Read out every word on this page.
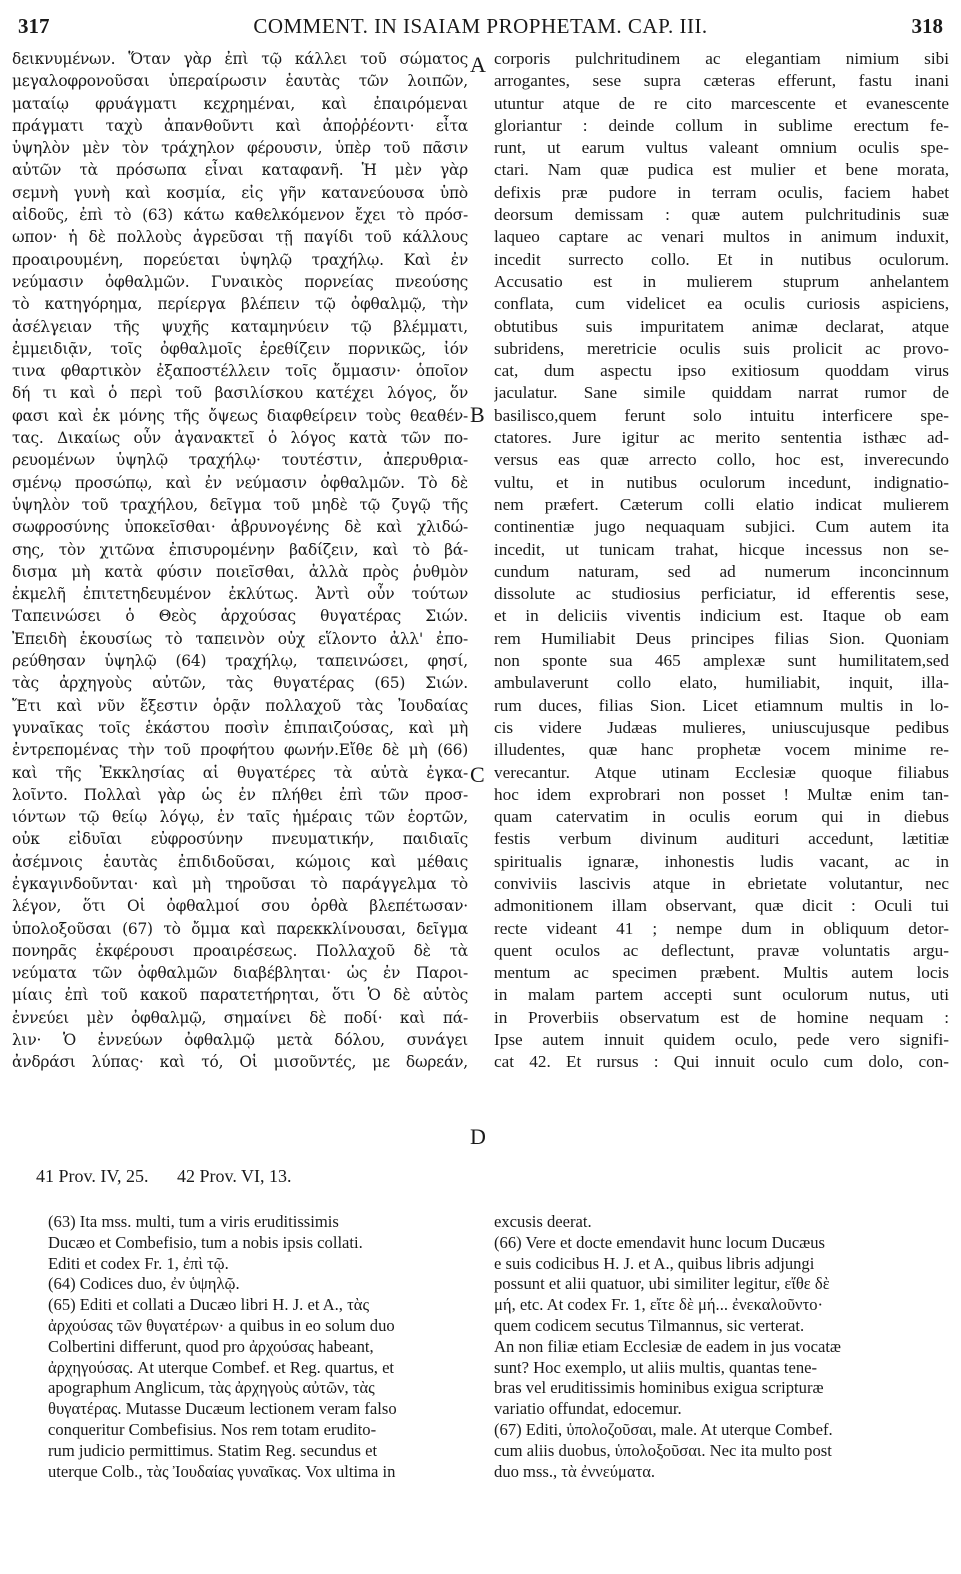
317	COMMENT. IN ISAIAM PROPHETAM. CAP. III.	318
δεικνυμένων. Ὅταν γὰρ ἐπὶ τῷ κάλλει τοῦ σώματος
μεγαλοφρονοῦσαι ὑπεραίρωσιν ἑαυτὰς τῶν λοιπῶν,
ματαίῳ φρυάγματι κεχρημέναι, καὶ ἐπαιρόμεναι
πράγματι ταχὺ ἀπανθοῦντι καὶ ἀποῤῥέοντι· εἶτα
ὑψηλὸν μὲν τὸν τράχηλον φέρουσιν, ὑπὲρ τοῦ πᾶσιν
αὐτῶν τὰ πρόσωπα εἶναι καταφανῆ. Ἡ μὲν γὰρ
σεμνὴ γυνὴ καὶ κοσμία, εἰς γῆν κατανεύουσα ὑπὸ
αἰδοῦς, ἐπὶ τὸ (63) κάτω καθελκόμενον ἔχει τὸ πρόσ-
ωπον· ἡ δὲ πολλοὺς ἀγρεῦσαι τῇ παγίδι τοῦ κάλλους
προαιρουμένη, πορεύεται ὑψηλῷ τραχήλῳ. Καὶ ἐν
νεύμασιν ὀφθαλμῶν. Γυναικὸς πορνείας πνεούσης
τὸ κατηγόρημα, περίεργα βλέπειν τῷ ὀφθαλμῷ, τὴν
ἀσέλγειαν τῆς ψυχῆς καταμηνύειν τῷ βλέμματι,
ἐμμειδιᾷν, τοῖς ὀφθαλμοῖς ἐρεθίζειν πορνικῶς, ἰόν
τινα φθαρτικὸν ἐξαποστέλλειν τοῖς ὄμμασιν· ὁποῖον
δή τι καὶ ὁ περὶ τοῦ βασιλίσκου κατέχει λόγος, ὅν
φασι καὶ ἐκ μόνης τῆς ὄψεως διαφθείρειν τοὺς θεαθέν-
τας. Δικαίως οὖν ἀγανακτεῖ ὁ λόγος κατὰ τῶν πο-
ρευομένων ὑψηλῷ τραχήλῳ· τουτέστιν, ἀπερυθρια-
σμένῳ προσώπῳ, καὶ ἐν νεύμασιν ὀφθαλμῶν. Τὸ δὲ
ὑψηλὸν τοῦ τραχήλου, δεῖγμα τοῦ μηδὲ τῷ ζυγῷ τῆς
σωφροσύνης ὑποκεῖσθαι· ἁβρυνογένης δὲ καὶ χλιδώ-
σης, τὸν χιτῶνα ἐπισυρομένην βαδίζειν, καὶ τὸ βά-
δισμα μὴ κατὰ φύσιν ποιεῖσθαι, ἀλλὰ πρὸς ῥυθμὸν
ἐκμελῆ ἐπιτετηδευμένον ἐκλύτως. Ἀντὶ οὖν τούτων
Ταπεινώσει ὁ Θεὸς ἀρχούσας θυγατέρας Σιών.
Ἐπειδὴ ἑκουσίως τὸ ταπεινὸν οὐχ εἵλοντο ἀλλ' ἐπο-
ρεύθησαν ὑψηλῷ (64) τραχήλῳ, ταπεινώσει, φησί,
τὰς ἀρχηγοὺς αὐτῶν, τὰς θυγατέρας (65) Σιών.
Ἔτι καὶ νῦν ἔξεστιν ὁρᾷν πολλαχοῦ τὰς Ἰουδαίας
γυναῖκας τοῖς ἑκάστου ποσὶν ἐπιπαιζούσας, καὶ μὴ
ἐντρεπομένας τὴν τοῦ προφήτου φωνήν.Εἴθε δὲ μὴ (66)
καὶ τῆς Ἐκκλησίας αἱ θυγατέρες τὰ αὐτὰ ἐγκα-
λοῖντο. Πολλαὶ γὰρ ὡς ἐν πλήθει ἐπὶ τῶν προσ-
ιόντων τῷ θείῳ λόγῳ, ἐν ταῖς ἡμέραις τῶν ἑορτῶν,
οὐκ εἰδυῖαι εὐφροσύνην πνευματικήν, παιδιαῖς
ἀσέμνοις ἑαυτὰς ἐπιδιδοῦσαι, κώμοις καὶ μέθαις
ἐγκαγινδοῦνται· καὶ μὴ τηροῦσαι τὸ παράγγελμα τὸ
λέγον, ὅτι Οἱ ὀφθαλμοί σου ὀρθὰ βλεπέτωσαν·
ὑπολοξοῦσαι (67) τὸ ὄμμα καὶ παρεκκλίνουσαι, δεῖγμα
πονηρᾶς ἐκφέρουσι προαιρέσεως. Πολλαχοῦ δὲ τὰ
νεύματα τῶν ὀφθαλμῶν διαβέβληται· ὡς ἐν Παροι-
μίαις ἐπὶ τοῦ κακοῦ παρατετήρηται, ὅτι Ὁ δὲ αὐτὸς
ἐννεύει μὲν ὀφθαλμῷ, σημαίνει δὲ ποδί· καὶ πά-
λιν· Ὁ ἐννεύων ὀφθαλμῷ μετὰ δόλου, συνάγει
ἀνδράσι λύπας· καὶ τό, Οἱ μισοῦντές, με δωρεάν,
corporis pulchritudinem ac elegantiam nimium sibi
arrogantes, sese supra cæteras efferunt, fastu inani
utuntur atque de re cito marcescente et evanescente
gloriantur : deinde collum in sublime erectum fe-
runt, ut earum vultus valeant omnium oculis spe-
ctari. Nam quæ pudica est mulier et bene morata,
defixis præ pudore in terram oculis, faciem habet
deorsum demissam : quæ autem pulchritudinis suæ
laqueo captare ac venari multos in animum induxit,
incedit surrecto collo. Et in nutibus oculorum.
Accusatio est in mulierem stuprum anhelantem
conflata, cum videlicet ea oculis curiosis aspiciens,
obtutibus suis impuritatem animæ declarat, atque
subridens, meretricie oculis suis prolicit ac provo-
cat, dum aspectu ipso exitiosum quoddam virus
jaculatur. Sane simile quiddam narrat rumor de
basilisco,quem ferunt solo intuitu interficere spe-
ctatores. Jure igitur ac merito sententia isthæc ad-
versus eas quæ arrecto collo, hoc est, inverecundo
vultu, et in nutibus oculorum incedunt, indignatio-
nem præfert. Cæterum colli elatio indicat mulierem
continentiæ jugo nequaquam subjici. Cum autem ita
incedit, ut tunicam trahat, hicque incessus non se-
cundum naturam, sed ad numerum inconcinnum
dissolute ac studiosius perficiatur, id efferentis sese,
et in deliciis viventis indicium est. Itaque ob eam
rem Humiliabit Deus principes filias Sion. Quoniam
non sponte sua 465 amplexæ sunt humilitatem,sed
ambulaverunt collo elato, humiliabit, inquit, illa-
rum duces, filias Sion. Licet etiamnum multis in lo-
cis videre Judæas mulieres, uniuscujusque pedibus
illudentes, quæ hanc prophetæ vocem minime re-
verecantur. Atque utinam Ecclesiæ quoque filiabus
hoc idem exprobrari non posset ! Multæ enim tan-
quam catervatim in oculis eorum qui in diebus
festis verbum divinum audituri accedunt, lætitiæ
spiritualis ignaræ, inhonestis ludis vacant, ac in
conviviis lascivis atque in ebrietate volutantur, nec
admonitionem illam observant, quæ dicit : Oculi tui
recte videant 41 ; nempe dum in obliquum detor-
quent oculos ac deflectunt, pravæ voluntatis argu-
mentum ac specimen præbent. Multis autem locis
in malam partem accepti sunt oculorum nutus, uti
in Proverbiis observatum est de homine nequam :
Ipse autem innuit quidem oculo, pede vero signifi-
cat 42. Et rursus : Qui innuit oculo cum dolo, con-
A
B
C
D
41 Prov. IV, 25. 42 Prov. VI, 13.
(63) Ita mss. multi, tum a viris eruditissimis
Ducæo et Combefisio, tum a nobis ipsis collati.
Editi et codex Fr. 1, ἐπὶ τῷ.
(64) Codices duo, ἐν ὑψηλῷ.
(65) Editi et collati a Ducæo libri H. J. et A., τὰς
ἀρχούσας τῶν θυγατέρων· a quibus in eo solum duo
Colbertini differunt, quod pro ἀρχούσας habeant,
ἀρχηγούσας. At uterque Combef. et Reg. quartus, et
apographum Anglicum, τὰς ἀρχηγοὺς αὐτῶν, τὰς
θυγατέρας. Mutasse Ducæum lectionem veram falso
conqueritur Combefisius. Nos rem totam erudito-
rum judicio permittimus. Statim Reg. secundus et
uterque Colb., τὰς Ἰουδαίας γυναῖκας. Vox ultima in
excusis deerat.
(66) Vere et docte emendavit hunc locum Ducæus
e suis codicibus H. J. et A., quibus libris adjungi
possunt et alii quatuor, ubi similiter legitur, εἴθε δὲ
μή, etc. At codex Fr. 1, εἴτε δὲ μή... ἐνεκαλοῦντο·
quem codicem secutus Tilmannus, sic verterat.
An non filiæ etiam Ecclesiæ de eadem in jus vocatæ
sunt? Hoc exemplo, ut aliis multis, quantas tene-
bras vel eruditissimis hominibus exigua scripturæ
variatio offundat, edocemur.
(67) Editi, ὑπολοζοῦσαι, male. At uterque Combef.
cum aliis duobus, ὑπολοξοῦσαι. Nec ita multo post
duo mss., τὰ ἐννεύματα.
